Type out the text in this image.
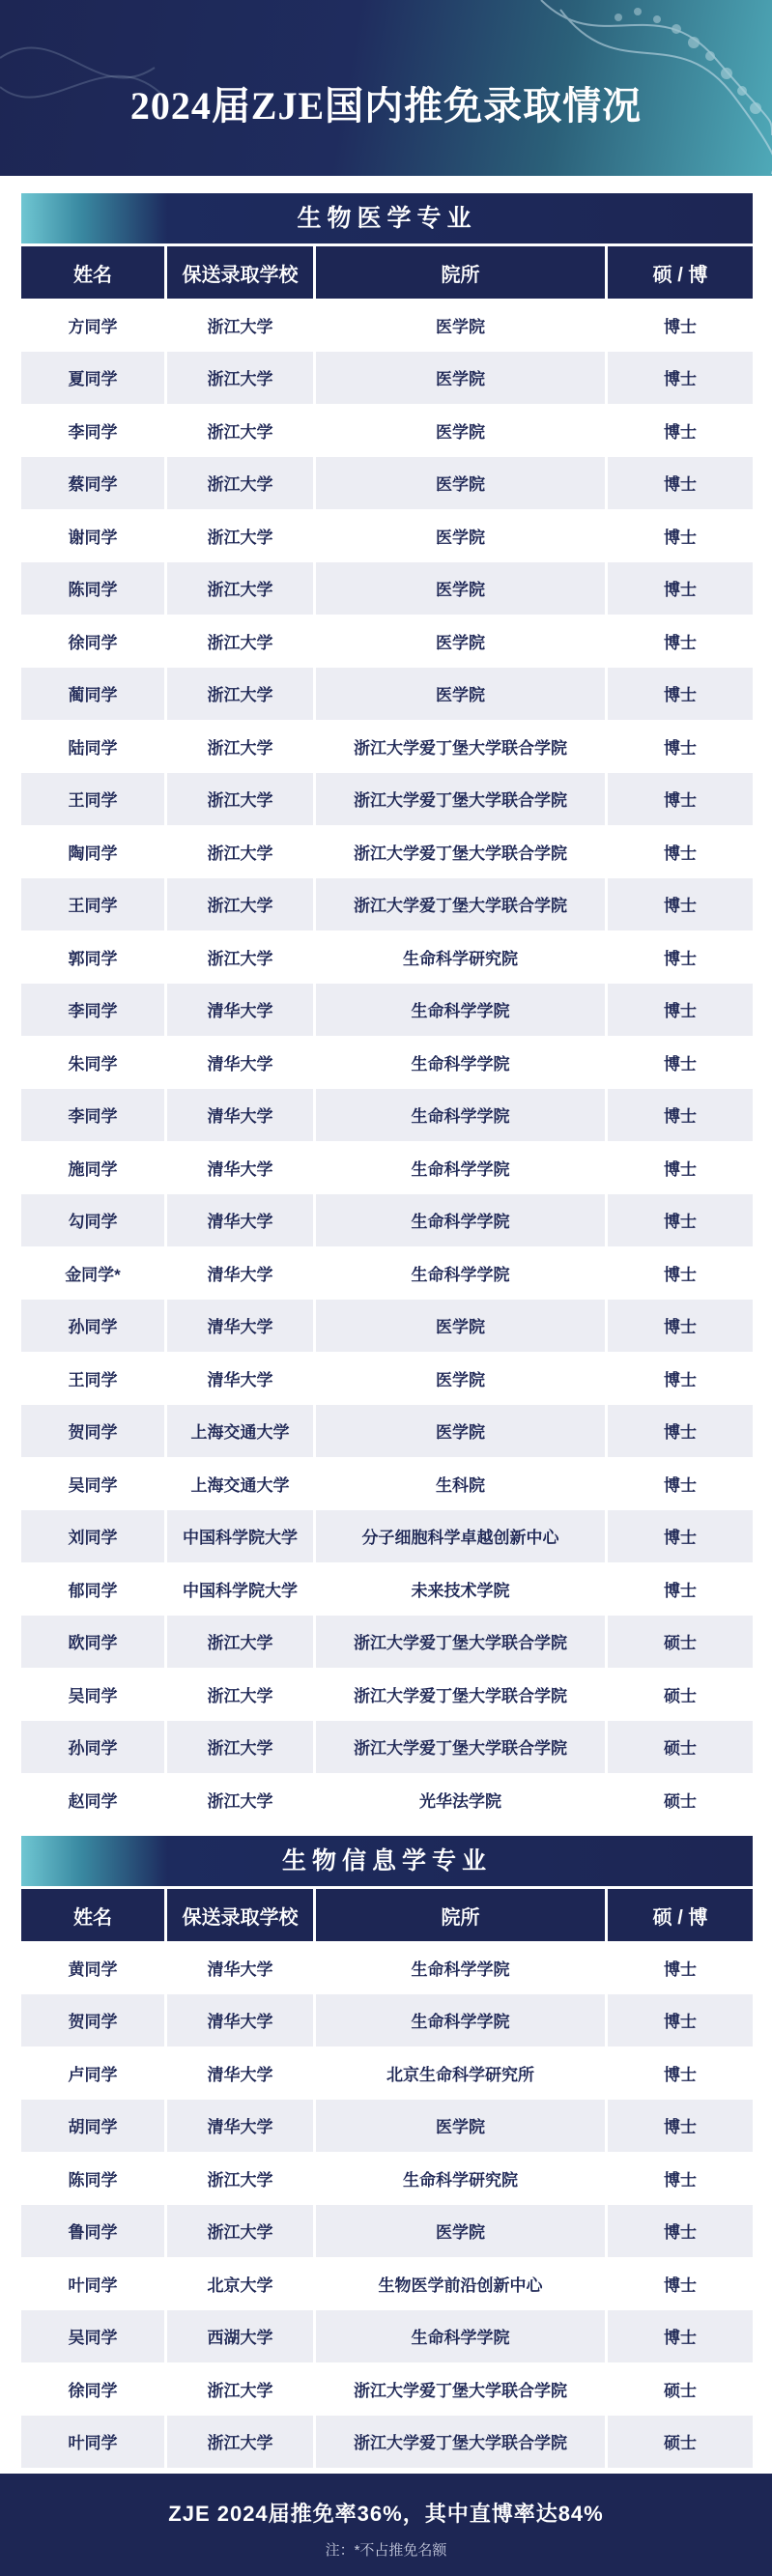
2024届ZJE国内推免录取情况
生物医学专业
姓名	保送录取学校	院所	硕 / 博
方同学	浙江大学	医学院	博士
夏同学	浙江大学	医学院	博士
李同学	浙江大学	医学院	博士
蔡同学	浙江大学	医学院	博士
谢同学	浙江大学	医学院	博士
陈同学	浙江大学	医学院	博士
徐同学	浙江大学	医学院	博士
蔺同学	浙江大学	医学院	博士
陆同学	浙江大学	浙江大学爱丁堡大学联合学院	博士
王同学	浙江大学	浙江大学爱丁堡大学联合学院	博士
陶同学	浙江大学	浙江大学爱丁堡大学联合学院	博士
王同学	浙江大学	浙江大学爱丁堡大学联合学院	博士
郭同学	浙江大学	生命科学研究院	博士
李同学	清华大学	生命科学学院	博士
朱同学	清华大学	生命科学学院	博士
李同学	清华大学	生命科学学院	博士
施同学	清华大学	生命科学学院	博士
勾同学	清华大学	生命科学学院	博士
金同学*	清华大学	生命科学学院	博士
孙同学	清华大学	医学院	博士
王同学	清华大学	医学院	博士
贺同学	上海交通大学	医学院	博士
吴同学	上海交通大学	生科院	博士
刘同学	中国科学院大学	分子细胞科学卓越创新中心	博士
郁同学	中国科学院大学	未来技术学院	博士
欧同学	浙江大学	浙江大学爱丁堡大学联合学院	硕士
吴同学	浙江大学	浙江大学爱丁堡大学联合学院	硕士
孙同学	浙江大学	浙江大学爱丁堡大学联合学院	硕士
赵同学	浙江大学	光华法学院	硕士
生物信息学专业
姓名	保送录取学校	院所	硕 / 博
黄同学	清华大学	生命科学学院	博士
贺同学	清华大学	生命科学学院	博士
卢同学	清华大学	北京生命科学研究所	博士
胡同学	清华大学	医学院	博士
陈同学	浙江大学	生命科学研究院	博士
鲁同学	浙江大学	医学院	博士
叶同学	北京大学	生物医学前沿创新中心	博士
吴同学	西湖大学	生命科学学院	博士
徐同学	浙江大学	浙江大学爱丁堡大学联合学院	硕士
叶同学	浙江大学	浙江大学爱丁堡大学联合学院	硕士
ZJE 2024届推免率36%，其中直博率达84%
注：*不占推免名额
